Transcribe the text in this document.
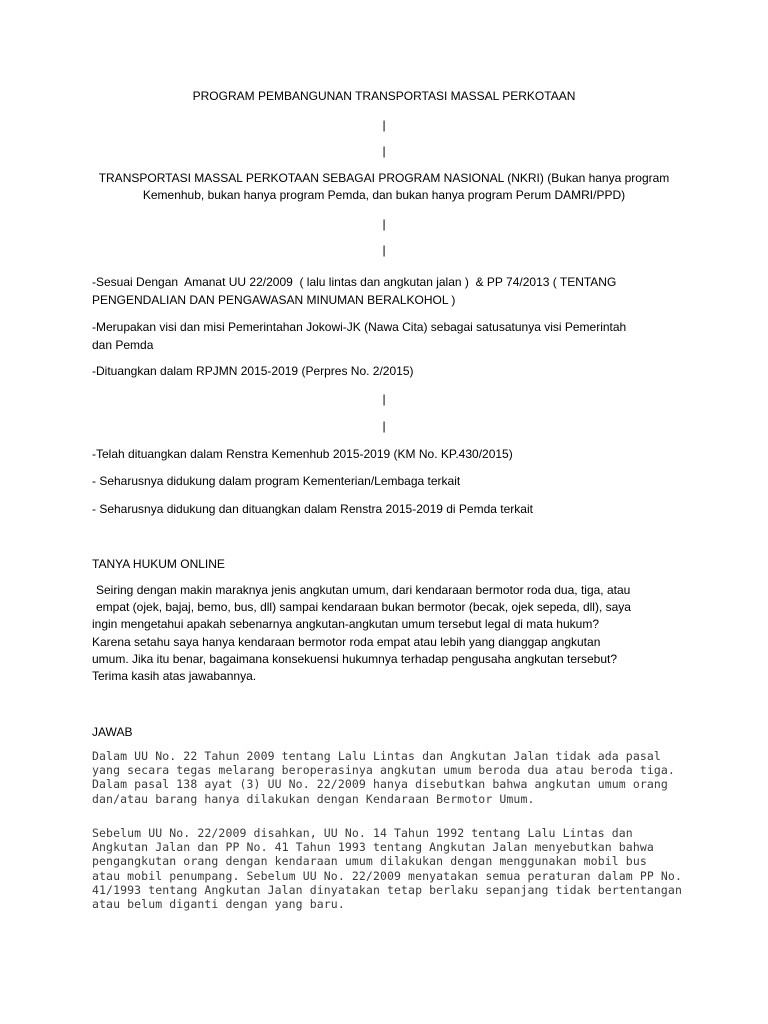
PROGRAM PEMBANGUNAN TRANSPORTASI MASSAL PERKOTAAN
|
|
TRANSPORTASI MASSAL PERKOTAAN SEBAGAI PROGRAM NASIONAL (NKRI) (Bukan hanya program
Kemenhub, bukan hanya program Pemda, dan bukan hanya program Perum DAMRI/PPD)
|
|
-Sesuai Dengan  Amanat UU 22/2009  ( lalu lintas dan angkutan jalan )  & PP 74/2013 ( TENTANG
PENGENDALIAN DAN PENGAWASAN MINUMAN BERALKOHOL )
-Merupakan visi dan misi Pemerintahan Jokowi-JK (Nawa Cita) sebagai satusatunya visi Pemerintah
dan Pemda
-Dituangkan dalam RPJMN 2015-2019 (Perpres No. 2/2015)
|
|
-Telah dituangkan dalam Renstra Kemenhub 2015-2019 (KM No. KP.430/2015)
- Seharusnya didukung dalam program Kementerian/Lembaga terkait
- Seharusnya didukung dan dituangkan dalam Renstra 2015-2019 di Pemda terkait
TANYA HUKUM ONLINE
Seiring dengan makin maraknya jenis angkutan umum, dari kendaraan bermotor roda dua, tiga, atau
empat (ojek, bajaj, bemo, bus, dll) sampai kendaraan bukan bermotor (becak, ojek sepeda, dll), saya
ingin mengetahui apakah sebenarnya angkutan-angkutan umum tersebut legal di mata hukum?
Karena setahu saya hanya kendaraan bermotor roda empat atau lebih yang dianggap angkutan
umum. Jika itu benar, bagaimana konsekuensi hukumnya terhadap pengusaha angkutan tersebut?
Terima kasih atas jawabannya.
JAWAB
Dalam UU No. 22 Tahun 2009 tentang Lalu Lintas dan Angkutan Jalan tidak ada pasal
yang secara tegas melarang beroperasinya angkutan umum beroda dua atau beroda tiga.
Dalam pasal 138 ayat (3) UU No. 22/2009 hanya disebutkan bahwa angkutan umum orang
dan/atau barang hanya dilakukan dengan Kendaraan Bermotor Umum.
Sebelum UU No. 22/2009 disahkan, UU No. 14 Tahun 1992 tentang Lalu Lintas dan
Angkutan Jalan dan PP No. 41 Tahun 1993 tentang Angkutan Jalan menyebutkan bahwa
pengangkutan orang dengan kendaraan umum dilakukan dengan menggunakan mobil bus
atau mobil penumpang. Sebelum UU No. 22/2009 menyatakan semua peraturan dalam PP No.
41/1993 tentang Angkutan Jalan dinyatakan tetap berlaku sepanjang tidak bertentangan
atau belum diganti dengan yang baru.
